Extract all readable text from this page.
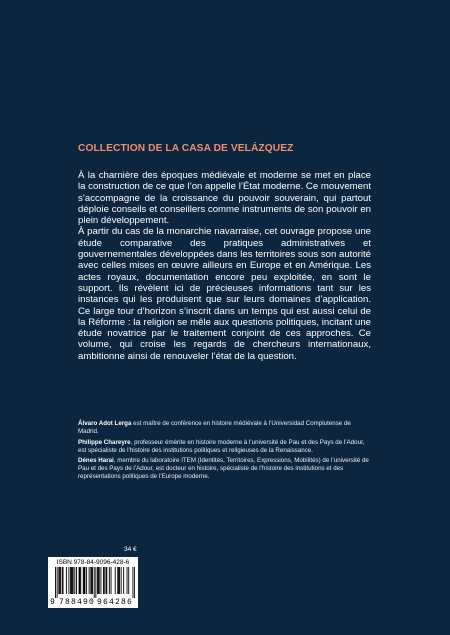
COLLECTION DE LA CASA DE VELÁZQUEZ

À la charnière des époques médiévale et moderne se met en place la construction de ce que l’on appelle l’État moderne. Ce mouvement s’accompagne de la croissance du pouvoir souverain, qui partout déploie conseils et conseillers comme instruments de son pouvoir en plein développement.

À partir du cas de la monarchie navarraise, cet ouvrage propose une étude comparative des pratiques administratives et gouvernementales développées dans les territoires sous son autorité avec celles mises en œuvre ailleurs en Europe et en Amérique. Les actes royaux, documentation encore peu exploitée, en sont le support. Ils révèlent ici de précieuses informations tant sur les instances qui les produisent que sur leurs domaines d’application. Ce large tour d’horizon s’inscrit dans un temps qui est aussi celui de la Réforme : la religion se mêle aux questions politiques, incitant une étude novatrice par le traitement conjoint de ces approches. Ce volume, qui croise les regards de chercheurs internationaux, ambitionne ainsi de renouveler l’état de la question.

Álvaro Adot Lerga est maître de conférence en histoire médiévale à l’Universidad Complutense de Madrid.

Philippe Chareyre, professeur émérite en histoire moderne à l’université de Pau et des Pays de l’Adour, est spécialiste de l’histoire des institutions politiques et religieuses de la Renaissance.

Dénes Harai, membre du laboratoire ITEM (Identités, Territoires, Expressions, Mobilités) de l’université de Pau et des Pays de l’Adour, est docteur en histoire, spécialiste de l’histoire des institutions et des représentations politiques de l’Europe moderne.

34 €
ISBN 978-84-9096-428-6
9 788490 964286
